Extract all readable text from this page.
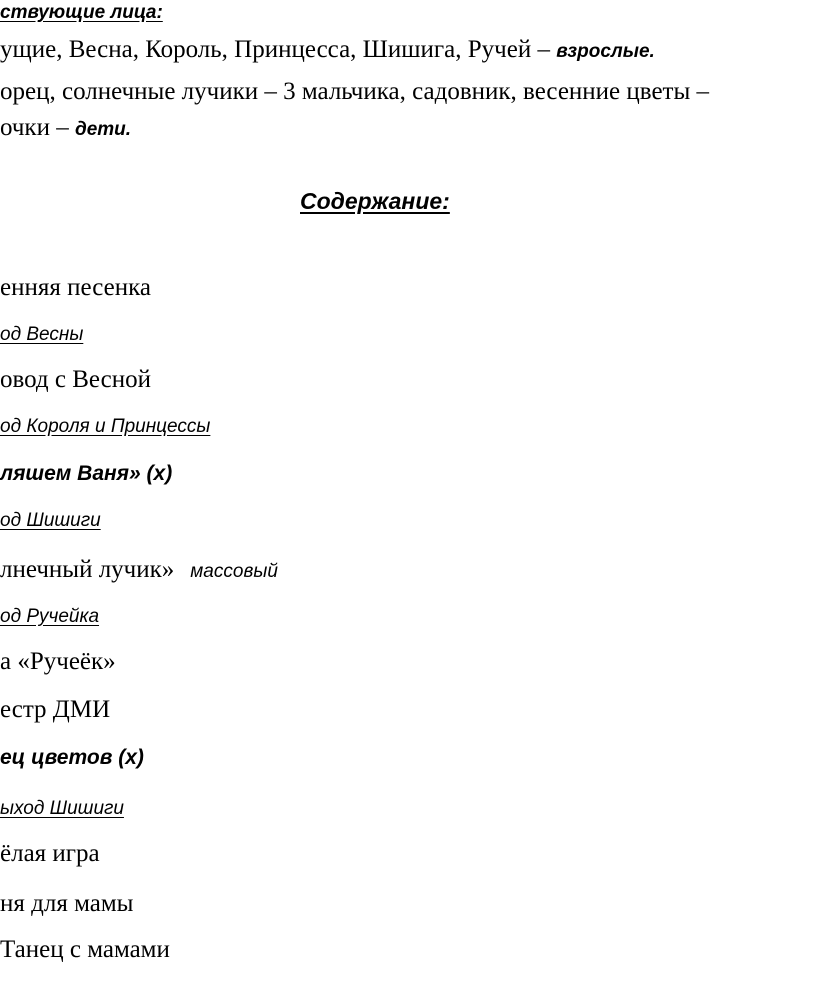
ствующие лица:
ущие, Весна, Король, Принцесса, Шишига, Ручей – взрослые.
орец, солнечные лучики – 3 мальчика, садовник, весенние цветы –
очки – дети.
Содержание:
енняя песенка
од Весны
овод с Весной
од Короля и Принцессы
ляшем Ваня» (х)
од Шишиги
лнечный лучик» массовый
од Ручейка
а «Ручеёк»
естр ДМИ
ец цветов (х)
ыход Шишиги
ёлая игра
ня для мамы
Танец с мамами
